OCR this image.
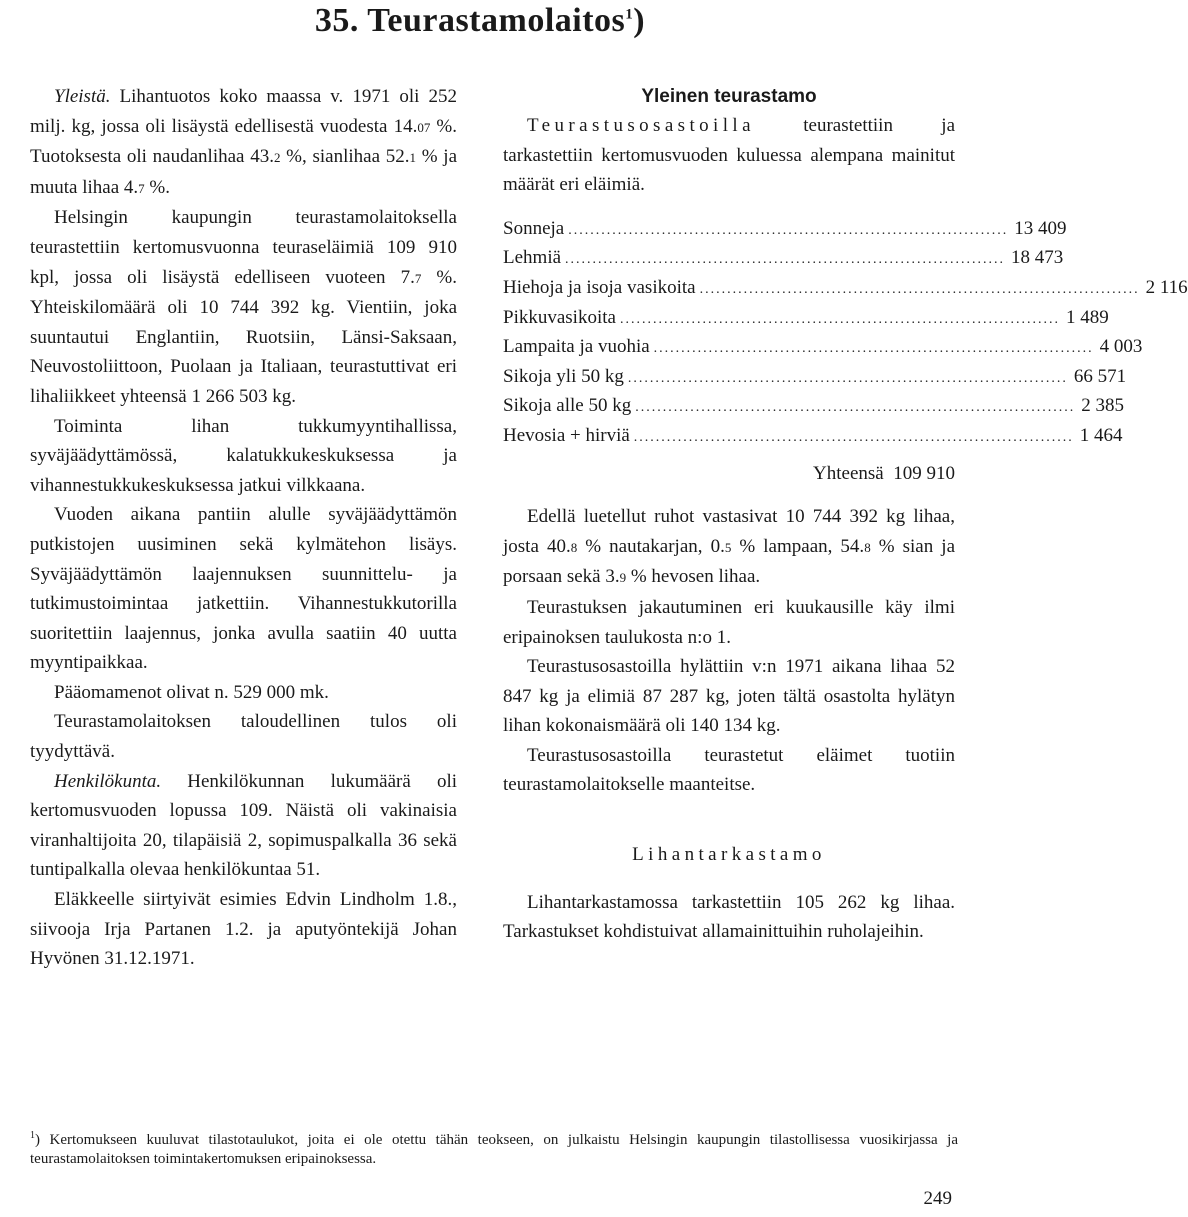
35. Teurastamolaitos$^1$)

Yleistä. Lihantuotos koko maassa v. 1971 oli 252 milj. kg, jossa oli lisäystä edellisestä vuodesta 14.07 %. Tuotoksesta oli naudanlihaa 43.2 %, sianlihaa 52.1 % ja muuta lihaa 4.7 %.

Helsingin kaupungin teurastamolaitoksella teurastettiin kertomusvuonna teuraseläimiä 109 910 kpl, jossa oli lisäystä edelliseen vuoteen 7.7 %. Yhteiskilomäärä oli 10 744 392 kg. Vientiin, joka suuntautui Englantiin, Ruotsiin, Länsi-Saksaan, Neuvostoliittoon, Puolaan ja Italiaan, teurastuttivat eri lihaliikkeet yhteensä 1 266 503 kg.

Toiminta lihan tukkumyyntihallissa, syväjäädyttämössä, kalatukkukeskuksessa ja vihannestukkukeskuksessa jatkui vilkkaana.

Vuoden aikana pantiin alulle syväjäädyttämön putkistojen uusiminen sekä kylmätehon lisäys. Syväjäädyttämön laajennuksen suunnittelu- ja tutkimustoimintaa jatkettiin. Vihannestukkutorilla suoritettiin laajennus, jonka avulla saatiin 40 uutta myyntipaikkaa.

Pääomamenot olivat n. 529 000 mk.

Teurastamolaitoksen taloudellinen tulos oli tyydyttävä.

Henkilökunta. Henkilökunnan lukumäärä oli kertomusvuoden lopussa 109. Näistä oli vakinaisia viranhaltijoita 20, tilapäisiä 2, sopimuspalkalla 36 sekä tuntipalkalla olevaa henkilökuntaa 51.

Eläkkeelle siirtyivät esimies Edvin Lindholm 1.8., siivooja Irja Partanen 1.2. ja aputyöntekijä Johan Hyvönen 31.12.1971.

Yleinen teurastamo

Teurastusosastoilla teurastettiin ja tarkastettiin kertomusvuoden kuluessa alempana mainitut määrät eri eläimiä.

Sonneja ................................................................................ 13 409
Lehmiä ................................................................................ 18 473
Hiehoja ja isoja vasikoita ................................................................................ 2 116
Pikkuvasikoita ................................................................................ 1 489
Lampaita ja vuohia ................................................................................ 4 003
Sikoja yli 50 kg ................................................................................ 66 571
Sikoja alle 50 kg ................................................................................ 2 385
Hevosia + hirviä ................................................................................ 1 464
Yhteensä 109 910

Edellä luetellut ruhot vastasivat 10 744 392 kg lihaa, josta 40.8 % nautakarjan, 0.5 % lampaan, 54.8 % sian ja porsaan sekä 3.9 % hevosen lihaa.

Teurastuksen jakautuminen eri kuukausille käy ilmi eripainoksen taulukosta n:o 1.

Teurastusosastoilla hylättiin v:n 1971 aikana lihaa 52 847 kg ja elimiä 87 287 kg, joten tältä osastolta hylätyn lihan kokonaismäärä oli 140 134 kg.

Teurastusosastoilla teurastetut eläimet tuotiin teurastamolaitokselle maanteitse.

Lihantarkastamo

Lihantarkastamossa tarkastettiin 105 262 kg lihaa. Tarkastukset kohdistuivat allamainittuihin ruholajeihin.

$^1$) Kertomukseen kuuluvat tilastotaulukot, joita ei ole otettu tähän teokseen, on julkaistu Helsingin kaupungin tilastollisessa vuosikirjassa ja teurastamolaitoksen toimintakertomuksen eripainoksessa.
249
